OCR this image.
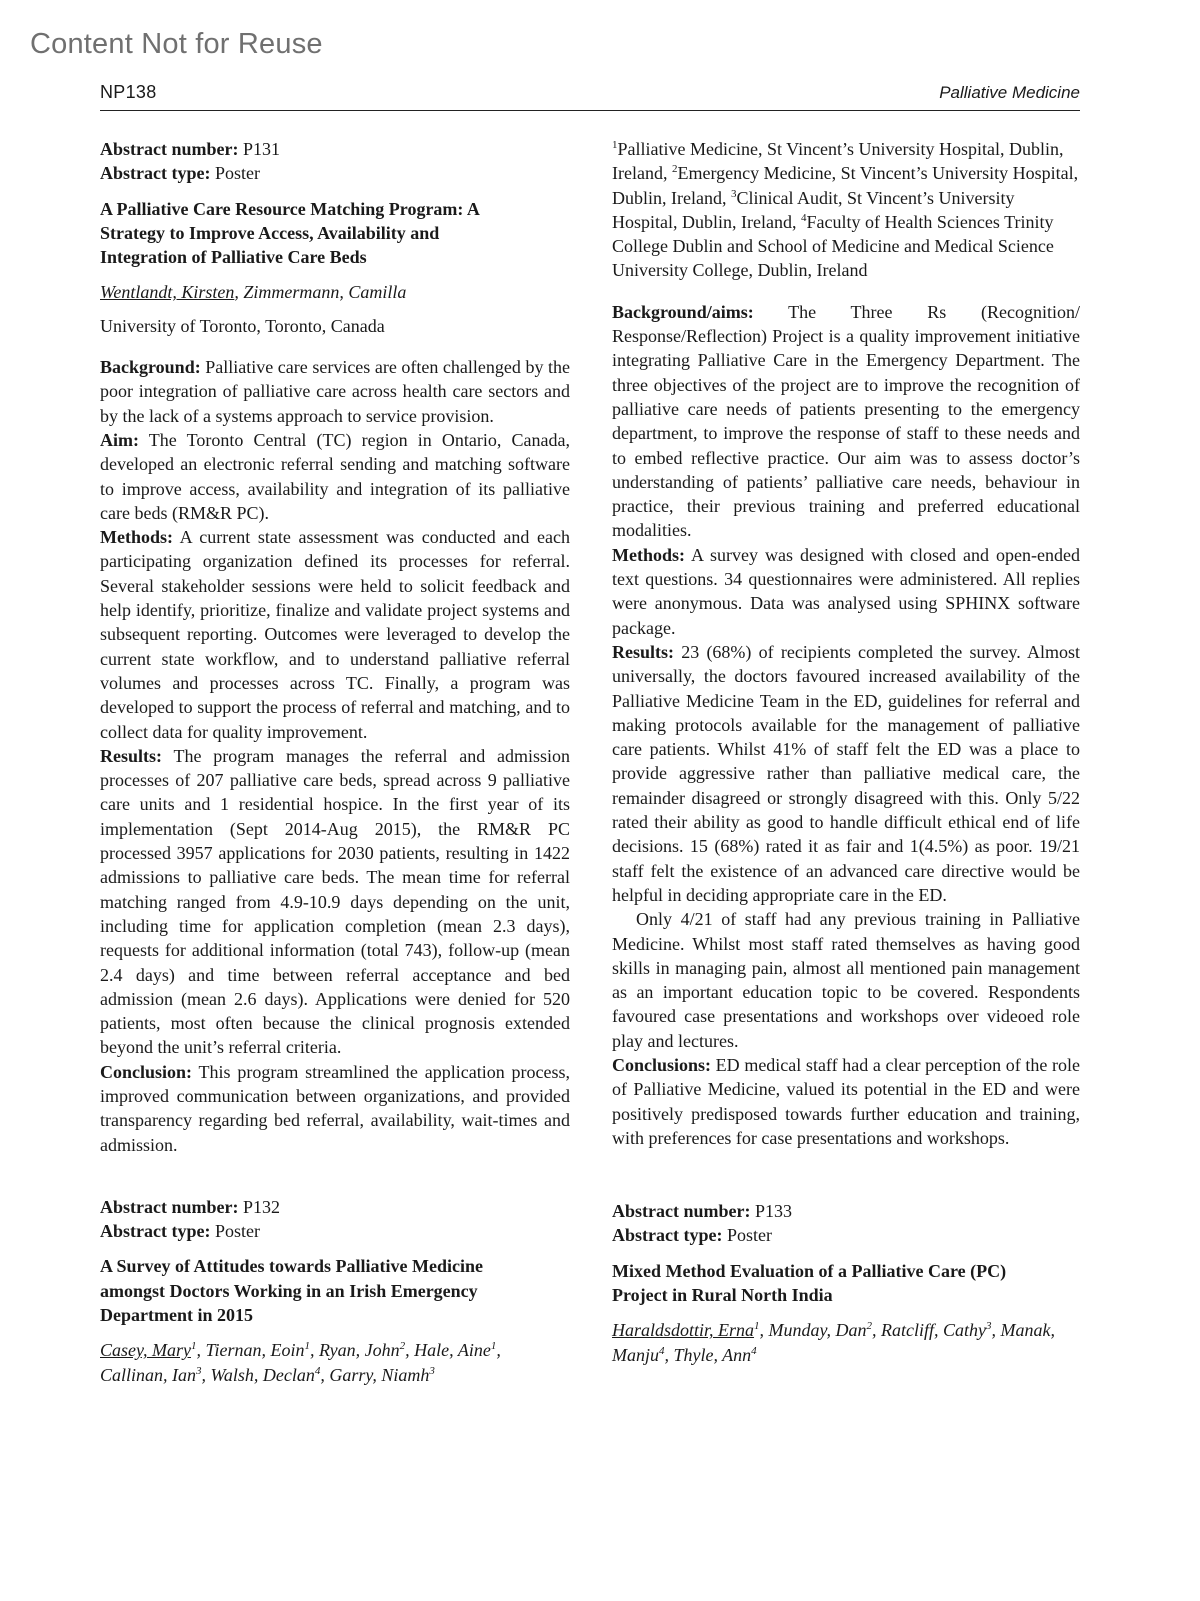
Content Not for Reuse
NP138	Palliative Medicine

Abstract number: P131

Abstract type: Poster

A Palliative Care Resource Matching Program: A Strategy to Improve Access, Availability and Integration of Palliative Care Beds

Wentlandt, Kirsten, Zimmermann, Camilla

University of Toronto, Toronto, Canada

Background: Palliative care services are often challenged by the poor integration of palliative care across health care sectors and by the lack of a systems approach to service provision.

Aim: The Toronto Central (TC) region in Ontario, Canada, developed an electronic referral sending and matching software to improve access, availability and integration of its palliative care beds (RM&R PC).

Methods: A current state assessment was conducted and each participating organization defined its processes for referral. Several stakeholder sessions were held to solicit feedback and help identify, prioritize, finalize and validate project systems and subsequent reporting. Outcomes were leveraged to develop the current state workflow, and to understand palliative referral volumes and processes across TC. Finally, a program was developed to support the process of referral and matching, and to collect data for quality improvement.

Results: The program manages the referral and admission processes of 207 palliative care beds, spread across 9 palliative care units and 1 residential hospice. In the first year of its implementation (Sept 2014-Aug 2015), the RM&R PC processed 3957 applications for 2030 patients, resulting in 1422 admissions to palliative care beds. The mean time for referral matching ranged from 4.9-10.9 days depending on the unit, including time for application completion (mean 2.3 days), requests for additional information (total 743), follow-up (mean 2.4 days) and time between referral acceptance and bed admission (mean 2.6 days). Applications were denied for 520 patients, most often because the clinical prognosis extended beyond the unit’s referral criteria.

Conclusion: This program streamlined the application process, improved communication between organizations, and provided transparency regarding bed referral, availability, wait-times and admission.

Abstract number: P132

Abstract type: Poster

A Survey of Attitudes towards Palliative Medicine amongst Doctors Working in an Irish Emergency Department in 2015

Casey, Mary$^1$, Tiernan, Eoin$^1$, Ryan, John$^2$, Hale, Aine$^1$, Callinan, Ian$^3$, Walsh, Declan$^4$, Garry, Niamh$^3$

$^1$Palliative Medicine, St Vincent’s University Hospital, Dublin, Ireland, $^2$Emergency Medicine, St Vincent’s University Hospital, Dublin, Ireland, $^3$Clinical Audit, St Vincent’s University Hospital, Dublin, Ireland, $^4$Faculty of Health Sciences Trinity College Dublin and School of Medicine and Medical Science University College, Dublin, Ireland

Background/aims: The Three Rs (Recognition/ Response/Reflection) Project is a quality improvement initiative integrating Palliative Care in the Emergency Department. The three objectives of the project are to improve the recognition of palliative care needs of patients presenting to the emergency department, to improve the response of staff to these needs and to embed reflective practice. Our aim was to assess doctor’s understanding of patients’ palliative care needs, behaviour in practice, their previous training and preferred educational modalities.

Methods: A survey was designed with closed and open-ended text questions. 34 questionnaires were administered. All replies were anonymous. Data was analysed using SPHINX software package.

Results: 23 (68%) of recipients completed the survey. Almost universally, the doctors favoured increased availability of the Palliative Medicine Team in the ED, guidelines for referral and making protocols available for the management of palliative care patients. Whilst 41% of staff felt the ED was a place to provide aggressive rather than palliative medical care, the remainder disagreed or strongly disagreed with this. Only 5/22 rated their ability as good to handle difficult ethical end of life decisions. 15 (68%) rated it as fair and 1(4.5%) as poor. 19/21 staff felt the existence of an advanced care directive would be helpful in deciding appropriate care in the ED.

Only 4/21 of staff had any previous training in Palliative Medicine. Whilst most staff rated themselves as having good skills in managing pain, almost all mentioned pain management as an important education topic to be covered. Respondents favoured case presentations and workshops over videoed role play and lectures.

Conclusions: ED medical staff had a clear perception of the role of Palliative Medicine, valued its potential in the ED and were positively predisposed towards further education and training, with preferences for case presentations and workshops.

Abstract number: P133

Abstract type: Poster

Mixed Method Evaluation of a Palliative Care (PC) Project in Rural North India

Haraldsdottir, Erna$^1$, Munday, Dan$^2$, Ratcliff, Cathy$^3$, Manak, Manju$^4$, Thyle, Ann$^4$
